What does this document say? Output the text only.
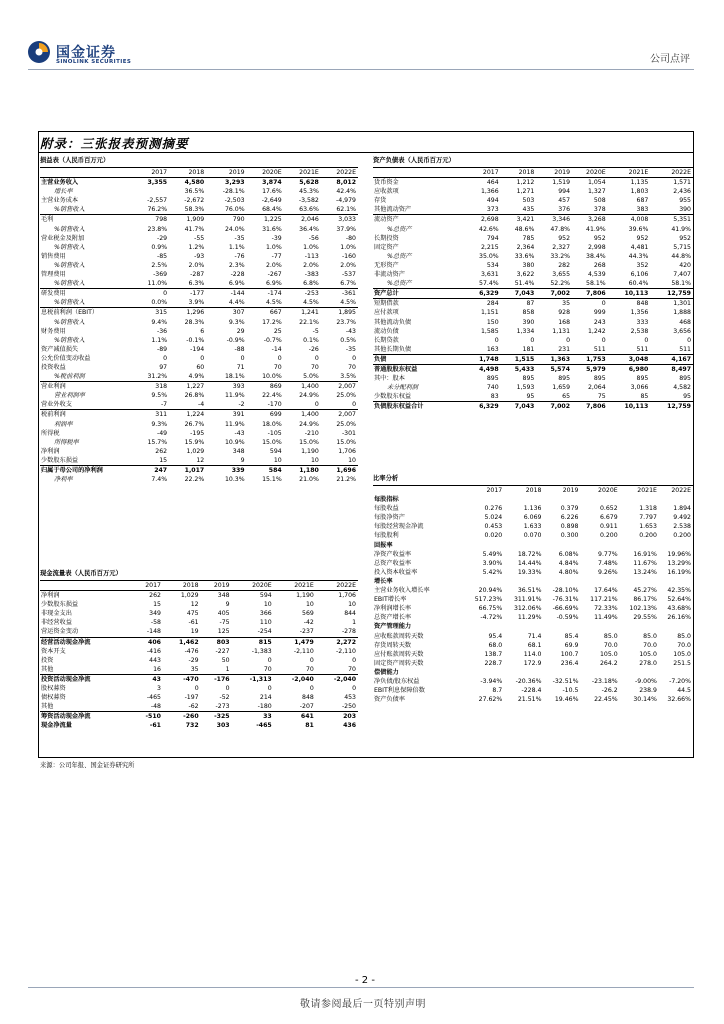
国金证券
SINOLINK SECURITIES	公司点评
附录：三张报表预测摘要
损益表（人民币百万元）
	2017	2018	2019	2020E	2021E	2022E
主营业务收入	3,355	4,580	3,293	3,874	5,628	8,012
增长率		36.5%	-28.1%	17.6%	45.3%	42.4%
主营业务成本	-2,557	-2,672	-2,503	-2,649	-3,582	-4,979
%销售收入	76.2%	58.3%	76.0%	68.4%	63.6%	62.1%
毛利	798	1,909	790	1,225	2,046	3,033
%销售收入	23.8%	41.7%	24.0%	31.6%	36.4%	37.9%
营业税金及附加	-29	-55	-35	-39	-56	-80
%销售收入	0.9%	1.2%	1.1%	1.0%	1.0%	1.0%
销售费用	-85	-93	-76	-77	-113	-160
%销售收入	2.5%	2.0%	2.3%	2.0%	2.0%	2.0%
管理费用	-369	-287	-228	-267	-383	-537
%销售收入	11.0%	6.3%	6.9%	6.9%	6.8%	6.7%
研发费用	0	-177	-144	-174	-253	-361
%销售收入	0.0%	3.9%	4.4%	4.5%	4.5%	4.5%
息税前利润（EBIT）	315	1,296	307	667	1,241	1,895
%销售收入	9.4%	28.3%	9.3%	17.2%	22.1%	23.7%
财务费用	-36	6	29	25	-5	-43
%销售收入	1.1%	-0.1%	-0.9%	-0.7%	0.1%	0.5%
资产减值损失	-89	-194	-88	-14	-26	-35
公允价值变动收益	0	0	0	0	0	0
投资收益	97	60	71	70	70	70
%税前利润	31.2%	4.9%	18.1%	10.0%	5.0%	3.5%
营业利润	318	1,227	393	869	1,400	2,007
营业利润率	9.5%	26.8%	11.9%	22.4%	24.9%	25.0%
营业外收支	-7	-4	-2	-170	0	0
税前利润	311	1,224	391	699	1,400	2,007
利润率	9.3%	26.7%	11.9%	18.0%	24.9%	25.0%
所得税	-49	-195	-43	-105	-210	-301
所得税率	15.7%	15.9%	10.9%	15.0%	15.0%	15.0%
净利润	262	1,029	348	594	1,190	1,706
少数股东损益	15	12	9	10	10	10
归属于母公司的净利润	247	1,017	339	584	1,180	1,696
净利率	7.4%	22.2%	10.3%	15.1%	21.0%	21.2%
现金流量表（人民币百万元）
	2017	2018	2019	2020E	2021E	2022E
净利润	262	1,029	348	594	1,190	1,706
少数股东损益	15	12	9	10	10	10
非现金支出	349	475	405	366	569	844
非经营收益	-58	-61	-75	110	-42	1
营运资金变动	-148	19	125	-254	-237	-278
经营活动现金净流	406	1,462	803	815	1,479	2,272
资本开支	-416	-476	-227	-1,383	-2,110	-2,110
投资	443	-29	50	0	0	0
其他	16	35	1	70	70	70
投资活动现金净流	43	-470	-176	-1,313	-2,040	-2,040
股权募资	3	0	0	0	0	0
债权募资	-465	-197	-52	214	848	453
其他	-48	-62	-273	-180	-207	-250
筹资活动现金净流	-510	-260	-325	33	641	203
现金净流量	-61	732	303	-465	81	436
资产负债表（人民币百万元）
	2017	2018	2019	2020E	2021E	2022E
货币资金	464	1,212	1,519	1,054	1,135	1,571
应收款项	1,366	1,271	994	1,327	1,803	2,436
存货	494	503	457	508	687	955
其他流动资产	373	435	376	378	383	390
流动资产	2,698	3,421	3,346	3,268	4,008	5,351
%总资产	42.6%	48.6%	47.8%	41.9%	39.6%	41.9%
长期投资	794	785	952	952	952	952
固定资产	2,215	2,364	2,327	2,998	4,481	5,715
%总资产	35.0%	33.6%	33.2%	38.4%	44.3%	44.8%
无形资产	534	380	282	268	352	420
非流动资产	3,631	3,622	3,655	4,539	6,106	7,407
%总资产	57.4%	51.4%	52.2%	58.1%	60.4%	58.1%
资产总计	6,329	7,043	7,002	7,806	10,113	12,759
短期借款	284	87	35	0	848	1,301
应付款项	1,151	858	928	999	1,356	1,888
其他流动负债	150	390	168	243	333	468
流动负债	1,585	1,334	1,131	1,242	2,538	3,656
长期贷款	0	0	0	0	0	0
其他长期负债	163	181	231	511	511	511
负债	1,748	1,515	1,363	1,753	3,048	4,167
普通股股东权益	4,498	5,433	5,574	5,979	6,980	8,497
其中：股本	895	895	895	895	895	895
未分配利润	740	1,593	1,659	2,064	3,066	4,582
少数股东权益	83	95	65	75	85	95
负债股东权益合计	6,329	7,043	7,002	7,806	10,113	12,759
比率分析
	2017	2018	2019	2020E	2021E	2022E
每股指标						
每股收益	0.276	1.136	0.379	0.652	1.318	1.894
每股净资产	5.024	6.069	6.226	6.679	7.797	9.492
每股经营现金净流	0.453	1.633	0.898	0.911	1.653	2.538
每股股利	0.020	0.070	0.300	0.200	0.200	0.200
回报率						
净资产收益率	5.49%	18.72%	6.08%	9.77%	16.91%	19.96%
总资产收益率	3.90%	14.44%	4.84%	7.48%	11.67%	13.29%
投入资本收益率	5.42%	19.33%	4.80%	9.26%	13.24%	16.19%
增长率						
主营业务收入增长率	20.94%	36.51%	-28.10%	17.64%	45.27%	42.35%
EBIT增长率	517.23%	311.91%	-76.31%	117.21%	86.17%	52.64%
净利润增长率	66.75%	312.06%	-66.69%	72.33%	102.13%	43.68%
总资产增长率	-4.72%	11.29%	-0.59%	11.49%	29.55%	26.16%
资产管理能力						
应收账款周转天数	95.4	71.4	85.4	85.0	85.0	85.0
存货周转天数	68.0	68.1	69.9	70.0	70.0	70.0
应付账款周转天数	138.7	114.0	100.7	105.0	105.0	105.0
固定资产周转天数	228.7	172.9	236.4	264.2	278.0	251.5
偿债能力						
净负债/股东权益	-3.94%	-20.36%	-32.51%	-23.18%	-9.00%	-7.20%
EBIT利息保障倍数	8.7	-228.4	-10.5	-26.2	238.9	44.5
资产负债率	27.62%	21.51%	19.46%	22.45%	30.14%	32.66%
来源：公司年报、国金证券研究所
- 2 -
敬请参阅最后一页特别声明
